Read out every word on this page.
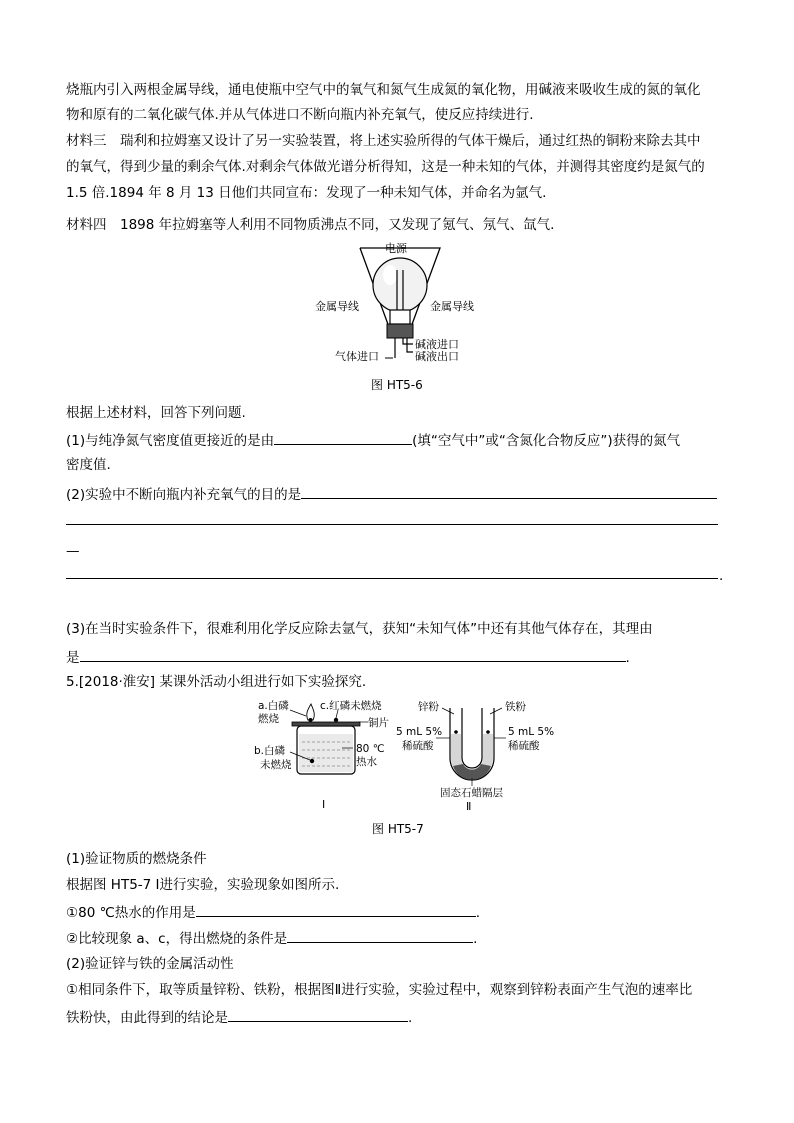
烧瓶内引入两根金属导线，通电使瓶中空气中的氧气和氮气生成氮的氧化物，用碱液来吸收生成的氮的氧化
物和原有的二氧化碳气体.并从气体进口不断向瓶内补充氧气，使反应持续进行.
材料三　瑞利和拉姆塞又设计了另一实验装置，将上述实验所得的气体干燥后，通过红热的铜粉来除去其中
的氧气，得到少量的剩余气体.对剩余气体做光谱分析得知，这是一种未知的气体，并测得其密度约是氮气的
1.5 倍.1894 年 8 月 13 日他们共同宣布：发现了一种未知气体，并命名为氩气.
材料四　1898 年拉姆塞等人利用不同物质沸点不同，又发现了氪气、氖气、氙气.
电源
金属导线	金属导线
碱液进口
碱液出口
气体进口
图 HT5-6
根据上述材料，回答下列问题.
(1)与纯净氮气密度值更接近的是由	(填“空气中”或“含氮化合物反应”)获得的氮气
密度值.
(2)实验中不断向瓶内补充氧气的目的是
—
.
(3)在当时实验条件下，很难利用化学反应除去氩气，获知“未知气体”中还有其他气体存在，其理由
是	.
5.[2018·淮安] 某课外活动小组进行如下实验探究.
a.白磷
燃烧
c.红磷未燃烧
铜片
b.白磷
未燃烧
80 ℃
热水
Ⅰ
锌粉	铁粉
5 mL 5%
稀硫酸
5 mL 5%
稀硫酸
固态石蜡隔层
Ⅱ
图 HT5-7
(1)验证物质的燃烧条件
根据图 HT5-7 Ⅰ进行实验，实验现象如图所示.
①80 ℃热水的作用是	.
②比较现象 a、c，得出燃烧的条件是	.
(2)验证锌与铁的金属活动性
①相同条件下，取等质量锌粉、铁粉，根据图Ⅱ进行实验，实验过程中，观察到锌粉表面产生气泡的速率比
铁粉快，由此得到的结论是	.
